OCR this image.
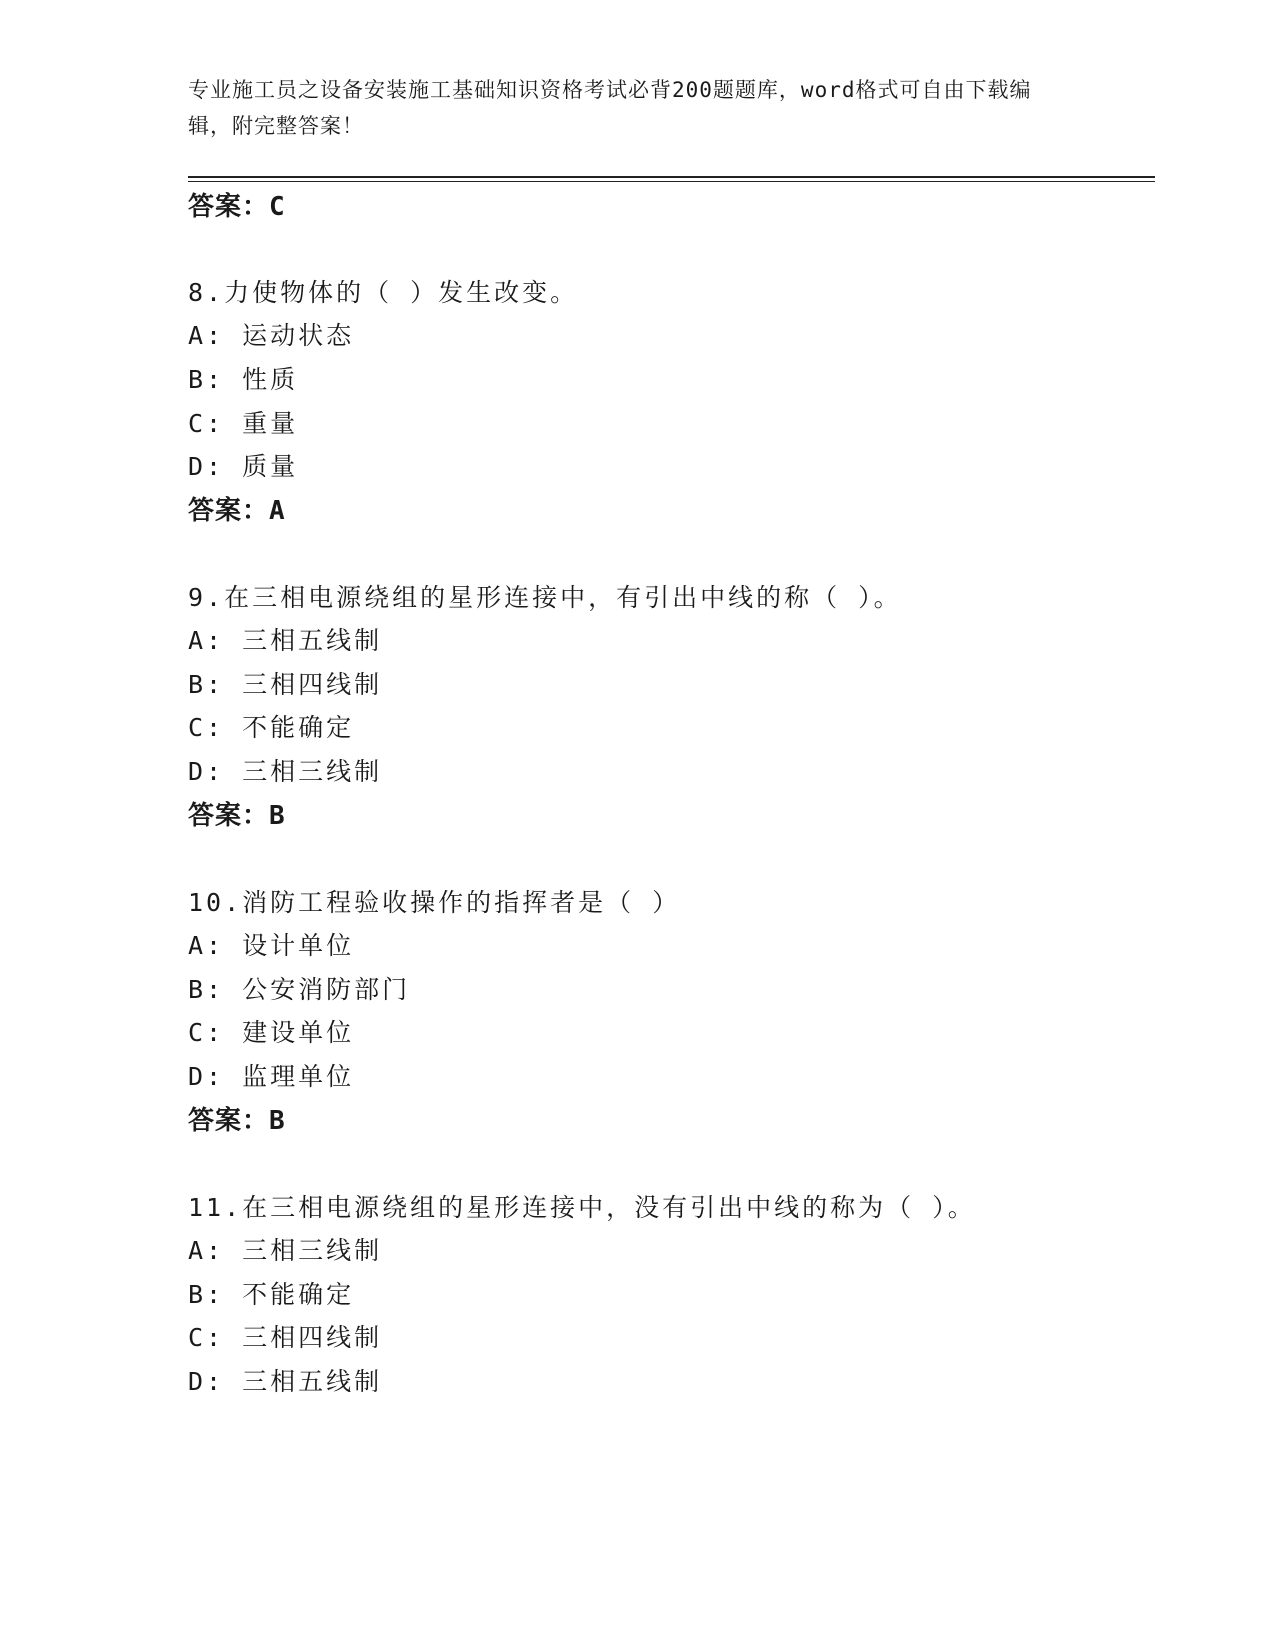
专业施工员之设备安装施工基础知识资格考试必背200题题库，word格式可自由下载编辑，附完整答案！
答案：C
8.力使物体的（ ）发生改变。
A: 运动状态
B: 性质
C: 重量
D: 质量
答案：A
9.在三相电源绕组的星形连接中，有引出中线的称（ ）。
A: 三相五线制
B: 三相四线制
C: 不能确定
D: 三相三线制
答案：B
10.消防工程验收操作的指挥者是（ ）
A: 设计单位
B: 公安消防部门
C: 建设单位
D: 监理单位
答案：B
11.在三相电源绕组的星形连接中，没有引出中线的称为（ ）。
A: 三相三线制
B: 不能确定
C: 三相四线制
D: 三相五线制
